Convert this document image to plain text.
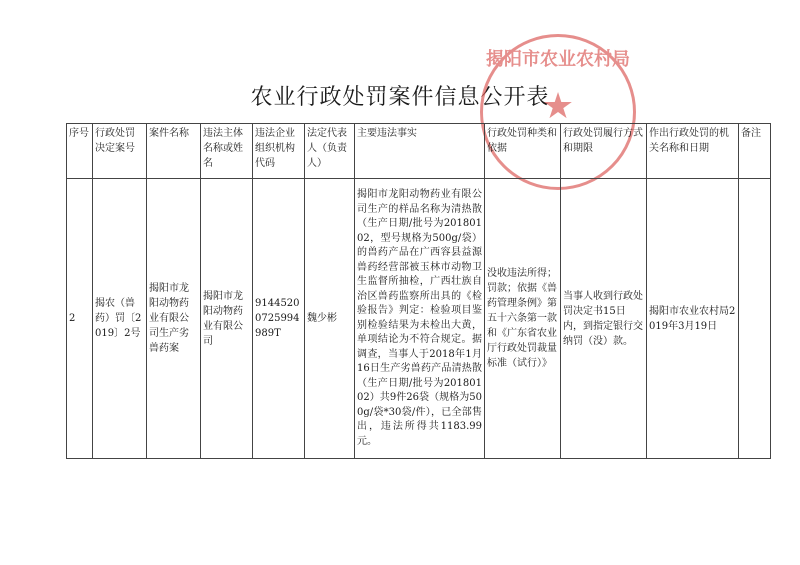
农业行政处罚案件信息公开表
揭阳市农业农村局
★
序号	行政处罚决定案号	案件名称	违法主体名称或姓名	违法企业组织机构代码	法定代表人（负责人）	主要违法事实	行政处罚种类和依据	行政处罚履行方式和期限	作出行政处罚的机关名称和日期	备注
2	揭农（兽药）罚〔2019〕2号	揭阳市龙阳动物药业有限公司生产劣兽药案	揭阳市龙阳动物药业有限公司	91445200725994989T	魏少彬	揭阳市龙阳动物药业有限公司生产的样品名称为清热散（生产日期/批号为20180102，型号规格为500g/袋）的兽药产品在广西容县益源兽药经营部被玉林市动物卫生监督所抽检，广西壮族自治区兽药监察所出具的《检验报告》判定：检验项目鉴别检验结果为未检出大黄，单项结论为不符合规定。据调查，当事人于2018年1月16日生产劣兽药产品清热散（生产日期/批号为20180102）共9件26袋（规格为500g/袋*30袋/件），已全部售出，违法所得共1183.99元。	没收违法所得；罚款；依据《兽药管理条例》第五十六条第一款和《广东省农业厅行政处罚裁量标准（试行）》	当事人收到行政处罚决定书15日内，到指定银行交纳罚（没）款。	揭阳市农业农村局2019年3月19日	
